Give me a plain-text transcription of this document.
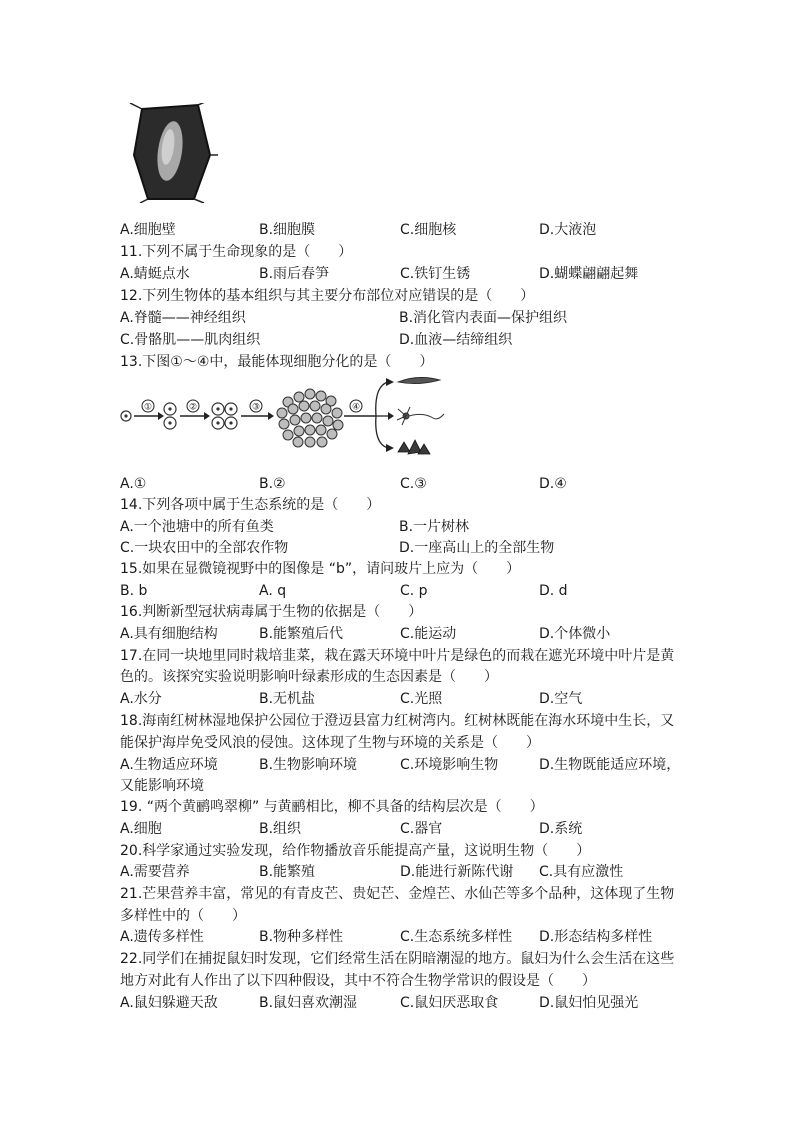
A.细胞壁	B.细胞膜	C.细胞核	D.大液泡
11.下列不属于生命现象的是（　　）
A.蜻蜓点水	B.雨后春笋	C.铁钉生锈	D.蝴蝶翩翩起舞
12.下列生物体的基本组织与其主要分布部位对应错误的是（　　）
A.脊髓——神经组织	B.消化管内表面—保护组织
C.骨骼肌——肌肉组织	D.血液—结缔组织
13.下图①～④中，最能体现细胞分化的是（　　）
①	②	③	④
A.①	B.②	C.③	D.④
14.下列各项中属于生态系统的是（　　）
A.一个池塘中的所有鱼类	B.一片树林
C.一块农田中的全部农作物	D.一座高山上的全部生物
15.如果在显微镜视野中的图像是 “b”，请问玻片上应为（　　）
B. b	A. q	C. p	D. d
16.判断新型冠状病毒属于生物的依据是（　　）
A.具有细胞结构	B.能繁殖后代	C.能运动	D.个体微小
17.在同一块地里同时栽培韭菜，栽在露天环境中叶片是绿色的而栽在遮光环境中叶片是黄
色的。该探究实验说明影响叶绿素形成的生态因素是（　　）
A.水分	B.无机盐	C.光照	D.空气
18.海南红树林湿地保护公园位于澄迈县富力红树湾内。红树林既能在海水环境中生长，又
能保护海岸免受风浪的侵蚀。这体现了生物与环境的关系是（　　）
A.生物适应环境	B.生物影响环境	C.环境影响生物	D.生物既能适应环境，
又能影响环境
19. “两个黄鹂鸣翠柳” 与黄鹂相比，柳不具备的结构层次是（　　）
A.细胞	B.组织	C.器官	D.系统
20.科学家通过实验发现，给作物播放音乐能提高产量，这说明生物（　　）
A.需要营养	B.能繁殖	D.能进行新陈代谢 C.具有应激性
21.芒果营养丰富，常见的有青皮芒、贵妃芒、金煌芒、水仙芒等多个品种，这体现了生物
多样性中的（　　）
A.遗传多样性	B.物种多样性	C.生态系统多样性 D.形态结构多样性
22.同学们在捕捉鼠妇时发现，它们经常生活在阴暗潮湿的地方。鼠妇为什么会生活在这些
地方对此有人作出了以下四种假设，其中不符合生物学常识的假设是（　　）
A.鼠妇躲避天敌	B.鼠妇喜欢潮湿	C.鼠妇厌恶取食	D.鼠妇怕见强光
